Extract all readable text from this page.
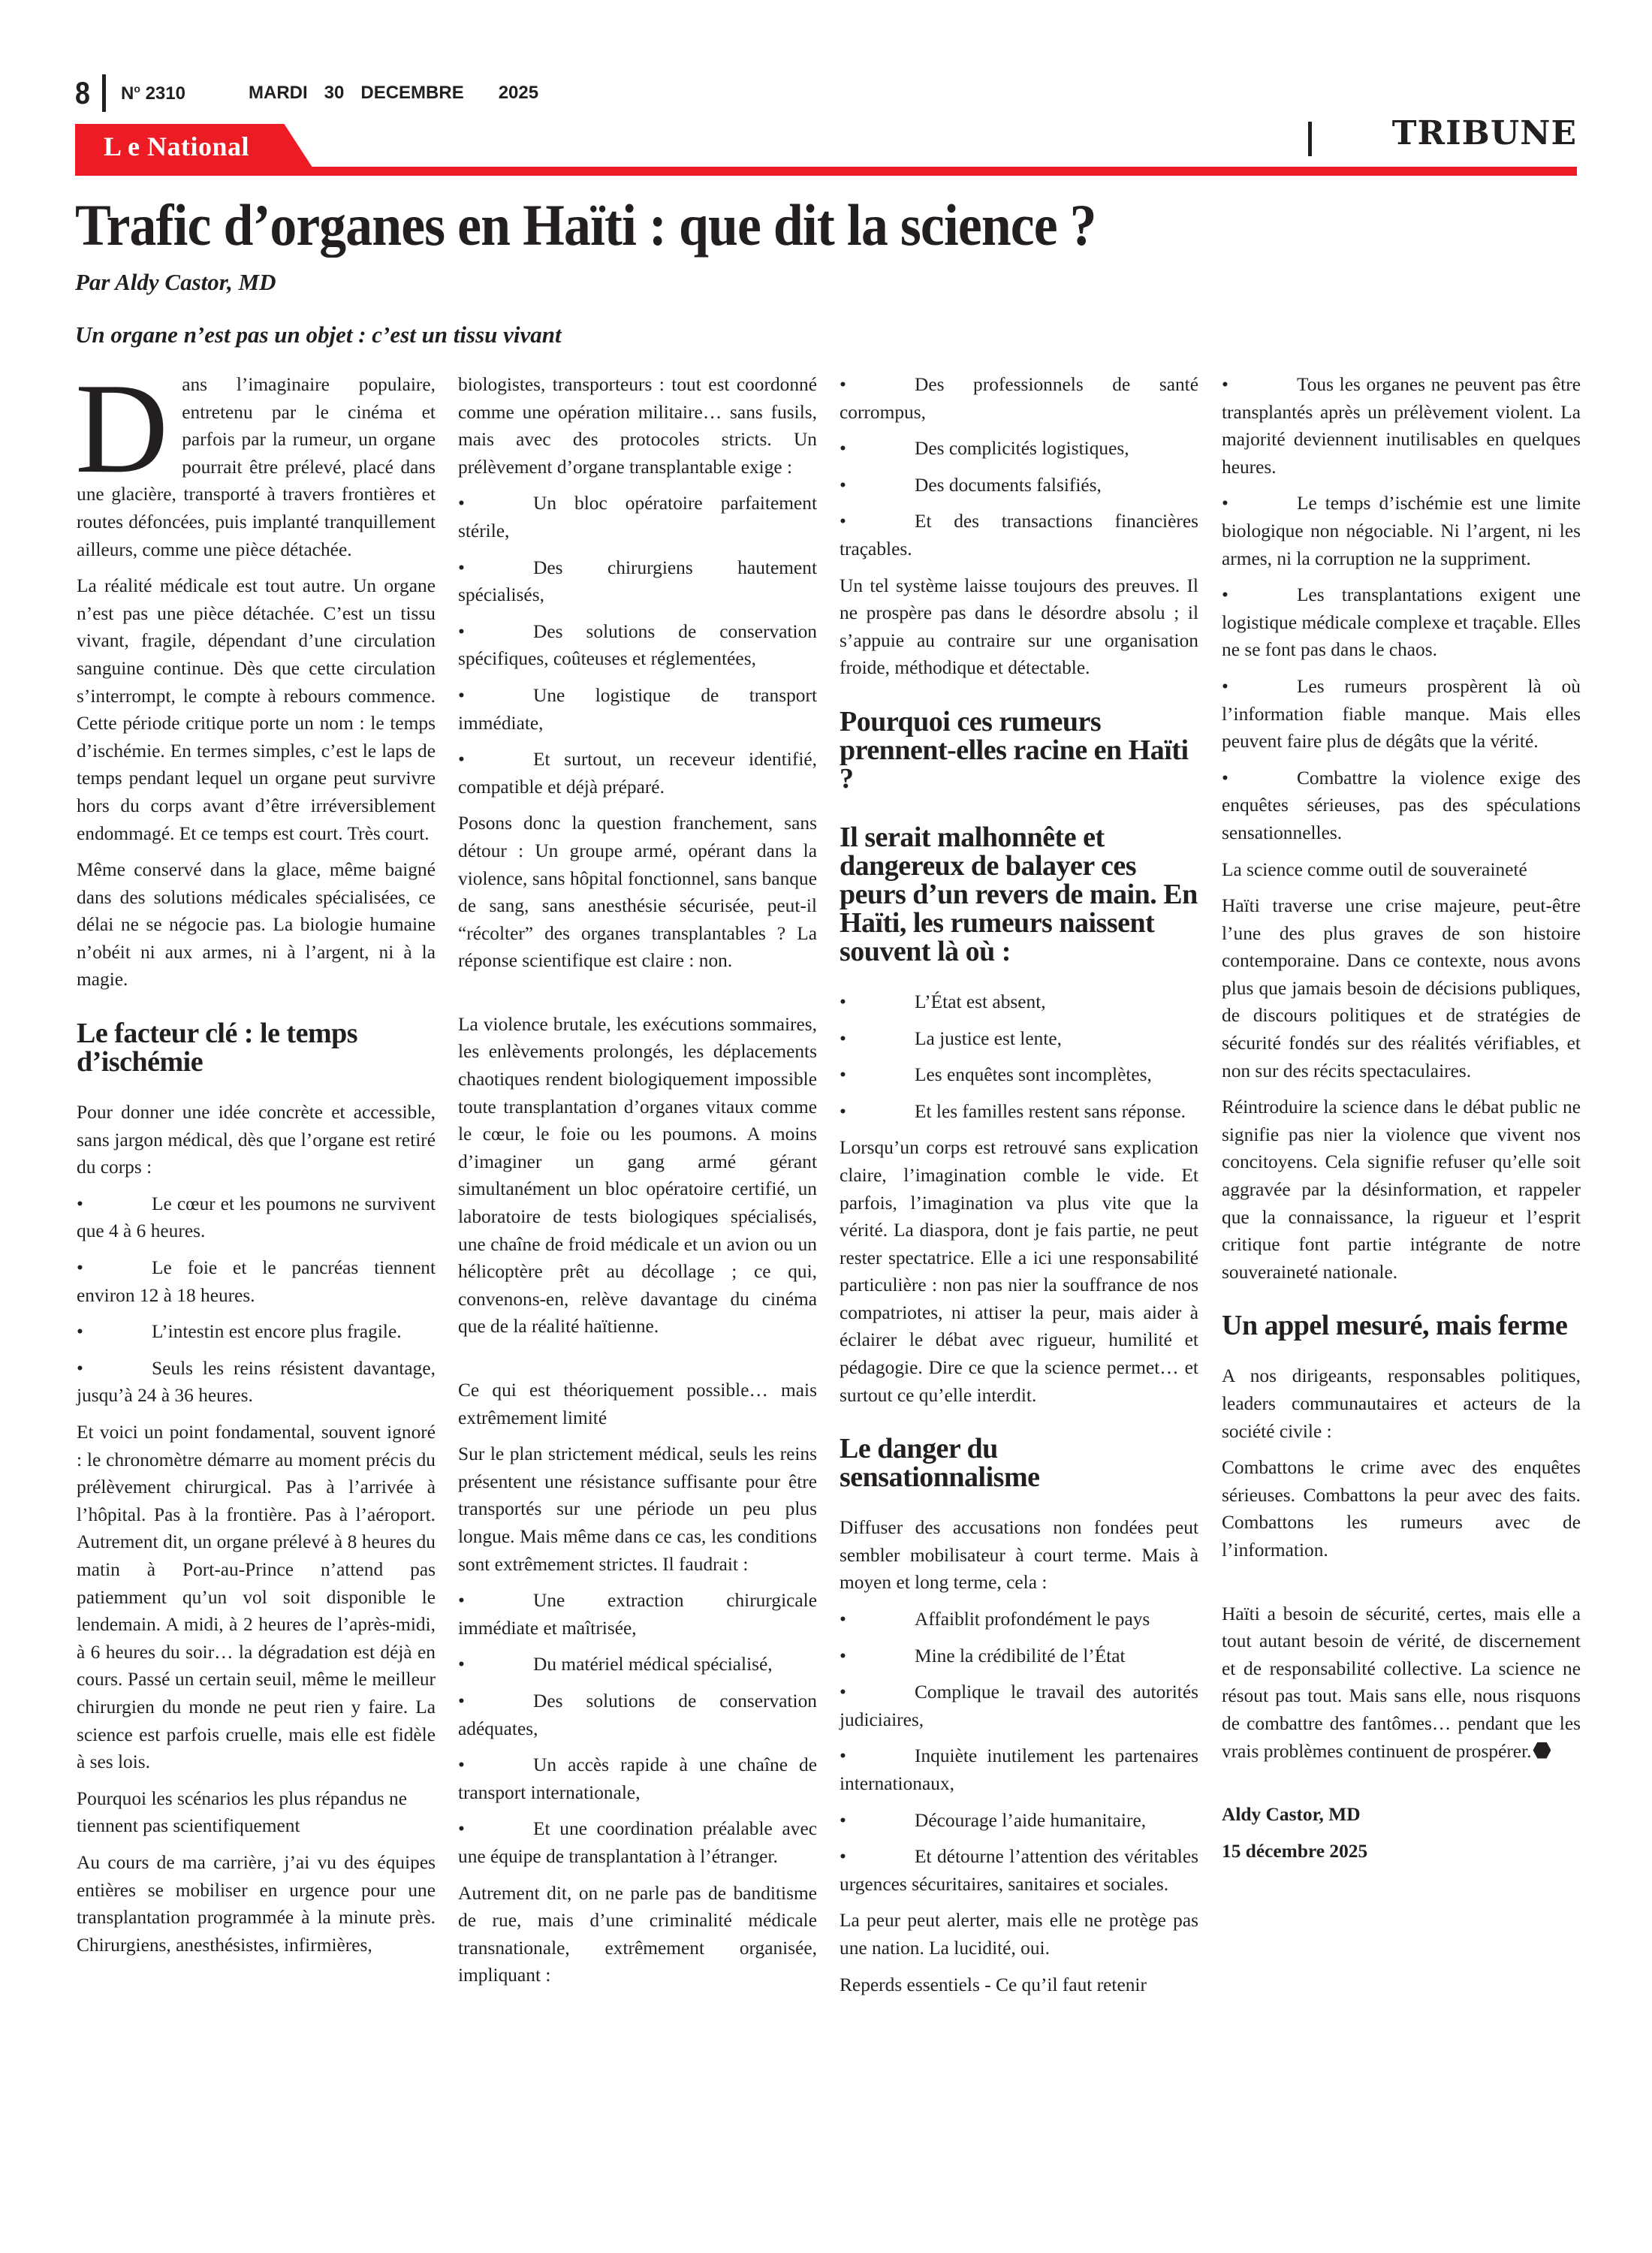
8 $N^o$ 2310	MARDI 30 DECEMBRE 2025
L e National	TRIBUNE
Trafic d’organes en Haïti : que dit la science ?
Par Aldy Castor, MD
Un organe n’est pas un objet : c’est un tissu vivant

Dans l’imaginaire populaire, entretenu par le cinéma et parfois par la rumeur, un organe pourrait être prélevé, placé dans une glacière, transporté à travers frontières et routes défoncées, puis implanté tranquillement ailleurs, comme une pièce détachée.

La réalité médicale est tout autre. Un organe n’est pas une pièce détachée. C’est un tissu vivant, fragile, dépendant d’une circulation sanguine continue. Dès que cette circulation s’interrompt, le compte à rebours commence. Cette période critique porte un nom : le temps d’ischémie. En termes simples, c’est le laps de temps pendant lequel un organe peut survivre hors du corps avant d’être irréversiblement endommagé. Et ce temps est court. Très court.

Même conservé dans la glace, même baigné dans des solutions médicales spécialisées, ce délai ne se négocie pas. La biologie humaine n’obéit ni aux armes, ni à l’argent, ni à la magie.

Le facteur clé : le temps d’ischémie

Pour donner une idée concrète et accessible, sans jargon médical, dès que l’organe est retiré du corps :

•	Le cœur et les poumons ne survivent que 4 à 6 heures.
•	Le foie et le pancréas tiennent environ 12 à 18 heures.
•	L’intestin est encore plus fragile.
•	Seuls les reins résistent davantage, jusqu’à 24 à 36 heures.

Et voici un point fondamental, souvent ignoré : le chronomètre démarre au moment précis du prélèvement chirurgical. Pas à l’arrivée à l’hôpital. Pas à la frontière. Pas à l’aéroport. Autrement dit, un organe prélevé à 8 heures du matin à Port-au-Prince n’attend pas patiemment qu’un vol soit disponible le lendemain. A midi, à 2 heures de l’après-midi, à 6 heures du soir… la dégradation est déjà en cours. Passé un certain seuil, même le meilleur chirurgien du monde ne peut rien y faire. La science est parfois cruelle, mais elle est fidèle à ses lois.

Pourquoi les scénarios les plus répandus ne tiennent pas scientifiquement

Au cours de ma carrière, j’ai vu des équipes entières se mobiliser en urgence pour une transplantation programmée à la minute près. Chirurgiens, anesthésistes, infirmières,

biologistes, transporteurs : tout est coordonné comme une opération militaire… sans fusils, mais avec des protocoles stricts. Un prélèvement d’organe transplantable exige :

•	Un bloc opératoire parfaitement stérile,
•	Des chirurgiens hautement spécialisés,
•	Des solutions de conservation spécifiques, coûteuses et réglementées,
•	Une logistique de transport immédiate,
•	Et surtout, un receveur identifié, compatible et déjà préparé.

Posons donc la question franchement, sans détour : Un groupe armé, opérant dans la violence, sans hôpital fonctionnel, sans banque de sang, sans anesthésie sécurisée, peut-il “récolter” des organes transplantables ? La réponse scientifique est claire : non.

La violence brutale, les exécutions sommaires, les enlèvements prolongés, les déplacements chaotiques rendent biologiquement impossible toute transplantation d’organes vitaux comme le cœur, le foie ou les poumons. A moins d’imaginer un gang armé gérant simultanément un bloc opératoire certifié, un laboratoire de tests biologiques spécialisés, une chaîne de froid médicale et un avion ou un hélicoptère prêt au décollage ; ce qui, convenons-en, relève davantage du cinéma que de la réalité haïtienne.

Ce qui est théoriquement possible… mais extrêmement limité

Sur le plan strictement médical, seuls les reins présentent une résistance suffisante pour être transportés sur une période un peu plus longue. Mais même dans ce cas, les conditions sont extrêmement strictes. Il faudrait :

•	Une extraction chirurgicale immédiate et maîtrisée,
•	Du matériel médical spécialisé,
•	Des solutions de conservation adéquates,
•	Un accès rapide à une chaîne de transport internationale,
•	Et une coordination préalable avec une équipe de transplantation à l’étranger.

Autrement dit, on ne parle pas de banditisme de rue, mais d’une criminalité médicale transnationale, extrêmement organisée, impliquant :

•	Des professionnels de santé corrompus,
•	Des complicités logistiques,
•	Des documents falsifiés,
•	Et des transactions financières traçables.

Un tel système laisse toujours des preuves. Il ne prospère pas dans le désordre absolu ; il s’appuie au contraire sur une organisation froide, méthodique et détectable.

Pourquoi ces rumeurs prennent-elles racine en Haïti ?
Il serait malhonnête et dangereux de balayer ces peurs d’un revers de main. En Haïti, les rumeurs naissent souvent là où :
•	L’État est absent,
•	La justice est lente,
•	Les enquêtes sont incomplètes,
•	Et les familles restent sans réponse.

Lorsqu’un corps est retrouvé sans explication claire, l’imagination comble le vide. Et parfois, l’imagination va plus vite que la vérité. La diaspora, dont je fais partie, ne peut rester spectatrice. Elle a ici une responsabilité particulière : non pas nier la souffrance de nos compatriotes, ni attiser la peur, mais aider à éclairer le débat avec rigueur, humilité et pédagogie. Dire ce que la science permet… et surtout ce qu’elle interdit.

Le danger du sensationnalisme

Diffuser des accusations non fondées peut sembler mobilisateur à court terme. Mais à moyen et long terme, cela :

•	Affaiblit profondément le pays
•	Mine la crédibilité de l’État
•	Complique le travail des autorités judiciaires,
•	Inquiète inutilement les partenaires internationaux,
•	Décourage l’aide humanitaire,
•	Et détourne l’attention des véritables urgences sécuritaires, sanitaires et sociales.

La peur peut alerter, mais elle ne protège pas une nation. La lucidité, oui.

Reperds essentiels - Ce qu’il faut retenir

•	Tous les organes ne peuvent pas être transplantés après un prélèvement violent. La majorité deviennent inutilisables en quelques heures.
•	Le temps d’ischémie est une limite biologique non négociable. Ni l’argent, ni les armes, ni la corruption ne la suppriment.
•	Les transplantations exigent une logistique médicale complexe et traçable. Elles ne se font pas dans le chaos.
•	Les rumeurs prospèrent là où l’information fiable manque. Mais elles peuvent faire plus de dégâts que la vérité.
•	Combattre la violence exige des enquêtes sérieuses, pas des spéculations sensationnelles.

La science comme outil de souveraineté

Haïti traverse une crise majeure, peut-être l’une des plus graves de son histoire contemporaine. Dans ce contexte, nous avons plus que jamais besoin de décisions publiques, de discours politiques et de stratégies de sécurité fondés sur des réalités vérifiables, et non sur des récits spectaculaires.

Réintroduire la science dans le débat public ne signifie pas nier la violence que vivent nos concitoyens. Cela signifie refuser qu’elle soit aggravée par la désinformation, et rappeler que la connaissance, la rigueur et l’esprit critique font partie intégrante de notre souveraineté nationale.

Un appel mesuré, mais ferme

A nos dirigeants, responsables politiques, leaders communautaires et acteurs de la société civile :

Combattons le crime avec des enquêtes sérieuses. Combattons la peur avec des faits. Combattons les rumeurs avec de l’information.

Haïti a besoin de sécurité, certes, mais elle a tout autant besoin de vérité, de discernement et de responsabilité collective. La science ne résout pas tout. Mais sans elle, nous risquons de combattre des fantômes… pendant que les vrais problèmes continuent de prospérer.

Aldy Castor, MD

15 décembre 2025
